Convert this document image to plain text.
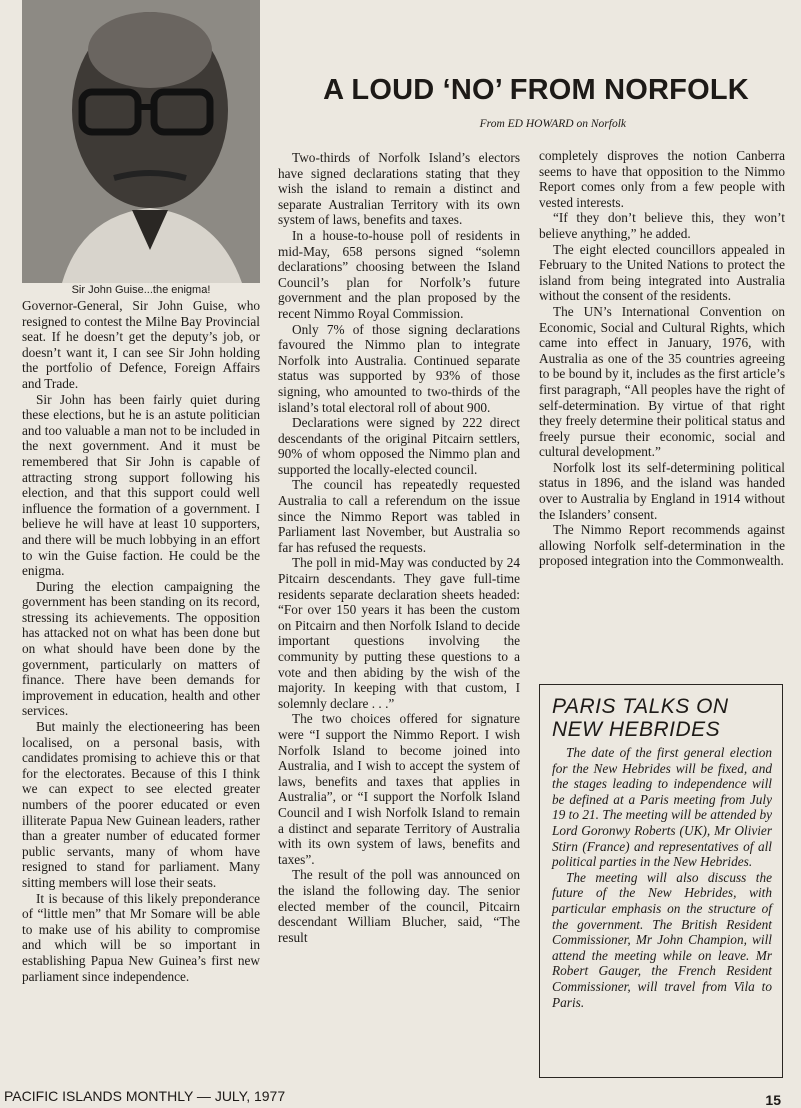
Sir John Guise...the enigma!
A LOUD ‘NO’ FROM NORFOLK
From ED HOWARD on Norfolk

Governor-General, Sir John Guise, who resigned to contest the Milne Bay Provincial seat. If he doesn’t get the deputy’s job, or doesn’t want it, I can see Sir John holding the portfolio of Defence, Foreign Affairs and Trade.

Sir John has been fairly quiet during these elections, but he is an astute politician and too valuable a man not to be included in the next government. And it must be remembered that Sir John is capable of attracting strong support following his election, and that this support could well influence the formation of a government. I believe he will have at least 10 supporters, and there will be much lobbying in an effort to win the Guise faction. He could be the enigma.

During the election campaigning the government has been standing on its record, stressing its achievements. The opposition has attacked not on what has been done but on what should have been done by the government, particularly on matters of finance. There have been demands for improvement in education, health and other services.

But mainly the electioneering has been localised, on a personal basis, with candidates promising to achieve this or that for the electorates. Because of this I think we can expect to see elected greater numbers of the poorer educated or even illiterate Papua New Guinean leaders, rather than a greater number of educated former public servants, many of whom have resigned to stand for parliament. Many sitting members will lose their seats.

It is because of this likely preponderance of “little men” that Mr Somare will be able to make use of his ability to compromise and which will be so important in establishing Papua New Guinea’s first new parliament since independence.

Two-thirds of Norfolk Island’s electors have signed declarations stating that they wish the island to remain a distinct and separate Australian Territory with its own system of laws, benefits and taxes.

In a house-to-house poll of residents in mid-May, 658 persons signed “solemn declarations” choosing between the Island Council’s plan for Norfolk’s future government and the plan proposed by the recent Nimmo Royal Commission.

Only 7% of those signing declarations favoured the Nimmo plan to integrate Norfolk into Australia. Continued separate status was supported by 93% of those signing, who amounted to two-thirds of the island’s total electoral roll of about 900.

Declarations were signed by 222 direct descendants of the original Pitcairn settlers, 90% of whom opposed the Nimmo plan and supported the locally-elected council.

The council has repeatedly requested Australia to call a referendum on the issue since the Nimmo Report was tabled in Parliament last November, but Australia so far has refused the requests.

The poll in mid-May was conducted by 24 Pitcairn descendants. They gave full-time residents separate declaration sheets headed: “For over 150 years it has been the custom on Pitcairn and then Norfolk Island to decide important questions involving the community by putting these questions to a vote and then abiding by the wish of the majority. In keeping with that custom, I solemnly declare . . .”

The two choices offered for signature were “I support the Nimmo Report. I wish Norfolk Island to become joined into Australia, and I wish to accept the system of laws, benefits and taxes that applies in Australia”, or “I support the Norfolk Island Council and I wish Norfolk Island to remain a distinct and separate Territory of Australia with its own system of laws, benefits and taxes”.

The result of the poll was announced on the island the following day. The senior elected member of the council, Pitcairn descendant William Blucher, said, “The result

completely disproves the notion Canberra seems to have that opposition to the Nimmo Report comes only from a few people with vested interests.

“If they don’t believe this, they won’t believe anything,” he added.

The eight elected councillors appealed in February to the United Nations to protect the island from being integrated into Australia without the consent of the residents.

The UN’s International Convention on Economic, Social and Cultural Rights, which came into effect in January, 1976, with Australia as one of the 35 countries agreeing to be bound by it, includes as the first article’s first paragraph, “All peoples have the right of self-determination. By virtue of that right they freely determine their political status and freely pursue their economic, social and cultural development.”

Norfolk lost its self-determining political status in 1896, and the island was handed over to Australia by England in 1914 without the Islanders’ consent.

The Nimmo Report recommends against allowing Norfolk self-determination in the proposed integration into the Commonwealth.

PARIS TALKS ON
NEW HEBRIDES

The date of the first general election for the New Hebrides will be fixed, and the stages leading to independence will be defined at a Paris meeting from July 19 to 21. The meeting will be attended by Lord Goronwy Roberts (UK), Mr Olivier Stirn (France) and representatives of all political parties in the New Hebrides.

The meeting will also discuss the future of the New Hebrides, with particular emphasis on the structure of the government. The British Resident Commissioner, Mr John Champion, will attend the meeting while on leave. Mr Robert Gauger, the French Resident Commissioner, will travel from Vila to Paris.

PACIFIC ISLANDS MONTHLY — JULY, 1977	15
